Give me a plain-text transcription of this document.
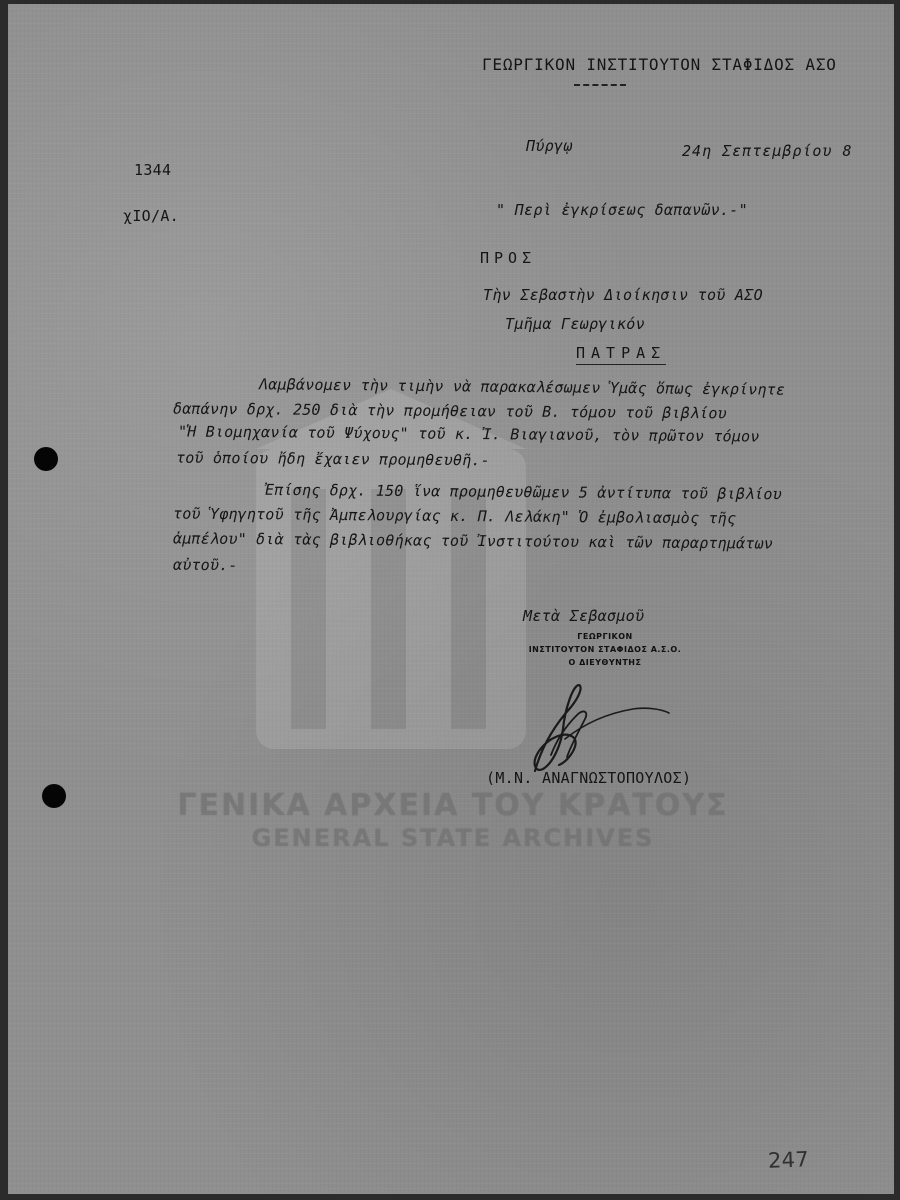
ΓΕΩΡΓΙΚΟΝ ΙΝΣΤΙΤΟΥΤΟΝ ΣΤΑΦΙΔΟΣ ΑΣΟ
Πύργῳ	24η Σεπτεμβρίου 8
1344
χΙΟ/Α.	" Περὶ ἐγκρίσεως δαπανῶν.-"
ΠΡΟΣ
Τὴν Σεβαστὴν Διοίκησιν τοῦ ΑΣΟ
Τμῆμα Γεωργικόν
ΠΑΤΡΑΣ
Λαμβάνομεν τὴν τιμὴν νὰ παρακαλέσωμεν Ὑμᾶς ὅπως ἐγκρίνητε
δαπάνην δρχ. 250 διὰ τὴν προμήθειαν τοῦ Β. τόμου τοῦ βιβλίου
"Ἡ Βιομηχανία τοῦ Ψύχους" τοῦ κ. Ἰ. Βιαγιανοῦ, τὸν πρῶτον τόμον
τοῦ ὁποίου ἤδη ἔχαιεν προμηθευθῆ.-
Ἐπίσης δρχ. 150 ἵνα προμηθευθῶμεν 5 ἀντίτυπα τοῦ βιβλίου
τοῦ Ὑφηγητοῦ τῆς Ἀμπελουργίας κ. Π. Λελάκη" Ὁ ἐμβολιασμὸς τῆς
ἀμπέλου" διὰ τὰς βιβλιοθήκας τοῦ Ἰνστιτούτου καὶ τῶν παραρτημάτων
αὐτοῦ.-
Μετὰ Σεβασμοῦ
ΓΕΩΡΓΙΚΟΝ
ΙΝΣΤΙΤΟΥΤΟΝ ΣΤΑΦΙΔΟΣ Α.Σ.Ο.
Ο ΔΙΕΥΘΥΝΤΗΣ
(Μ.Ν. ΑΝΑΓΝΩΣΤΟΠΟΥΛΟΣ)
ΓΕΝΙΚΑ ΑΡΧΕΙΑ ΤΟΥ ΚΡΑΤΟΥΣ
GENERAL STATE ARCHIVES
247
